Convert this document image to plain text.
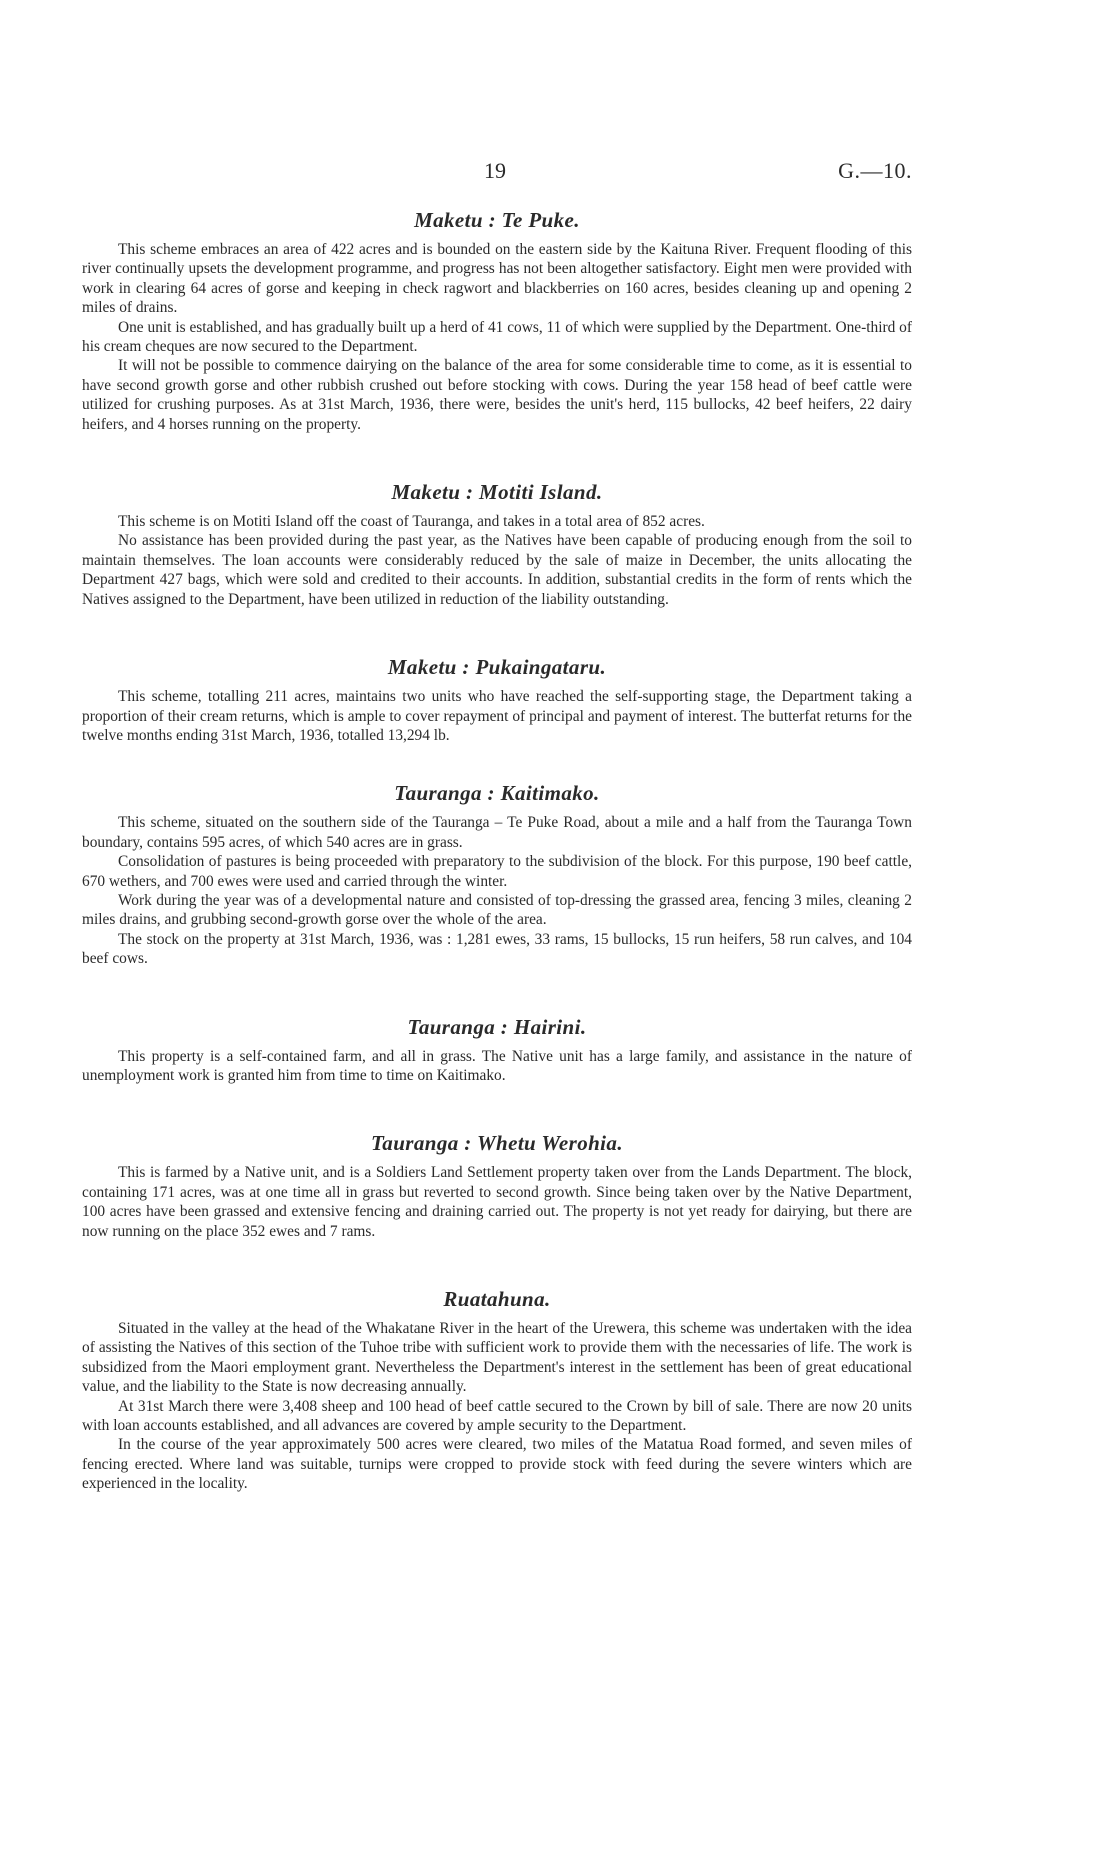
19	G.—10.
Maketu : Te Puke.

This scheme embraces an area of 422 acres and is bounded on the eastern side by the Kaituna River. Frequent flooding of this river continually upsets the development programme, and progress has not been altogether satisfactory. Eight men were provided with work in clearing 64 acres of gorse and keeping in check ragwort and blackberries on 160 acres, besides cleaning up and opening 2 miles of drains.

One unit is established, and has gradually built up a herd of 41 cows, 11 of which were supplied by the Department. One-third of his cream cheques are now secured to the Department.

It will not be possible to commence dairying on the balance of the area for some considerable time to come, as it is essential to have second growth gorse and other rubbish crushed out before stocking with cows. During the year 158 head of beef cattle were utilized for crushing purposes. As at 31st March, 1936, there were, besides the unit's herd, 115 bullocks, 42 beef heifers, 22 dairy heifers, and 4 horses running on the property.

Maketu : Motiti Island.

This scheme is on Motiti Island off the coast of Tauranga, and takes in a total area of 852 acres.

No assistance has been provided during the past year, as the Natives have been capable of producing enough from the soil to maintain themselves. The loan accounts were considerably reduced by the sale of maize in December, the units allocating the Department 427 bags, which were sold and credited to their accounts. In addition, substantial credits in the form of rents which the Natives assigned to the Department, have been utilized in reduction of the liability outstanding.

Maketu : Pukaingataru.

This scheme, totalling 211 acres, maintains two units who have reached the self-supporting stage, the Department taking a proportion of their cream returns, which is ample to cover repayment of principal and payment of interest. The butterfat returns for the twelve months ending 31st March, 1936, totalled 13,294 lb.

Tauranga : Kaitimako.

This scheme, situated on the southern side of the Tauranga – Te Puke Road, about a mile and a half from the Tauranga Town boundary, contains 595 acres, of which 540 acres are in grass.

Consolidation of pastures is being proceeded with preparatory to the subdivision of the block. For this purpose, 190 beef cattle, 670 wethers, and 700 ewes were used and carried through the winter.

Work during the year was of a developmental nature and consisted of top-dressing the grassed area, fencing 3 miles, cleaning 2 miles drains, and grubbing second-growth gorse over the whole of the area.

The stock on the property at 31st March, 1936, was : 1,281 ewes, 33 rams, 15 bullocks, 15 run heifers, 58 run calves, and 104 beef cows.

Tauranga : Hairini.

This property is a self-contained farm, and all in grass. The Native unit has a large family, and assistance in the nature of unemployment work is granted him from time to time on Kaitimako.

Tauranga : Whetu Werohia.

This is farmed by a Native unit, and is a Soldiers Land Settlement property taken over from the Lands Department. The block, containing 171 acres, was at one time all in grass but reverted to second growth. Since being taken over by the Native Department, 100 acres have been grassed and extensive fencing and draining carried out. The property is not yet ready for dairying, but there are now running on the place 352 ewes and 7 rams.

Ruatahuna.

Situated in the valley at the head of the Whakatane River in the heart of the Urewera, this scheme was undertaken with the idea of assisting the Natives of this section of the Tuhoe tribe with sufficient work to provide them with the necessaries of life. The work is subsidized from the Maori employment grant. Nevertheless the Department's interest in the settlement has been of great educational value, and the liability to the State is now decreasing annually.

At 31st March there were 3,408 sheep and 100 head of beef cattle secured to the Crown by bill of sale. There are now 20 units with loan accounts established, and all advances are covered by ample security to the Department.

In the course of the year approximately 500 acres were cleared, two miles of the Matatua Road formed, and seven miles of fencing erected. Where land was suitable, turnips were cropped to provide stock with feed during the severe winters which are experienced in the locality.
